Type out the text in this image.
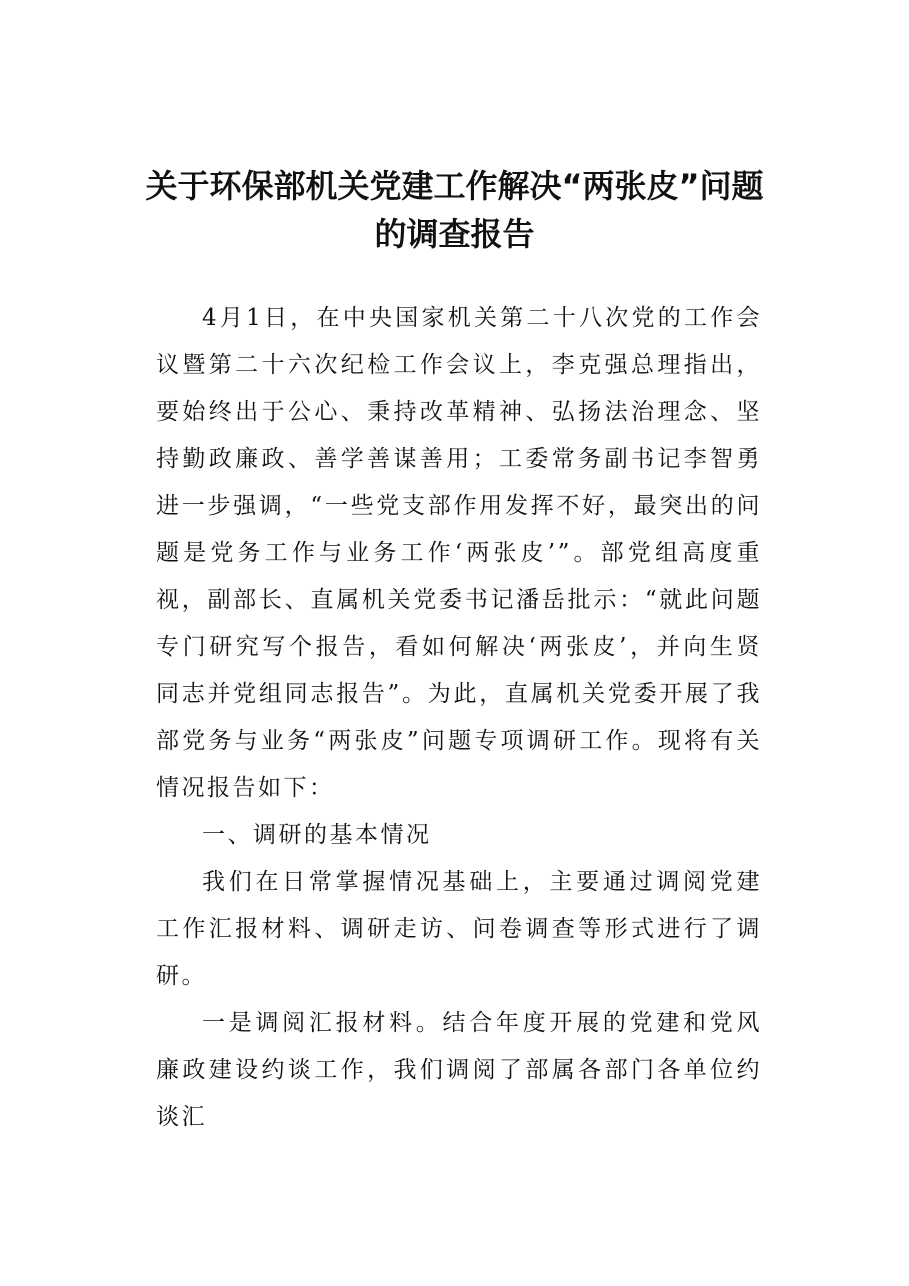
关于环保部机关党建工作解决“两张皮”问题
的调查报告

4月1日，在中央国家机关第二十八次党的工作会议暨第二十六次纪检工作会议上，李克强总理指出，要始终出于公心、秉持改革精神、弘扬法治理念、坚持勤政廉政、善学善谋善用；工委常务副书记李智勇进一步强调，“一些党支部作用发挥不好，最突出的问题是党务工作与业务工作‘两张皮’”。部党组高度重视，副部长、直属机关党委书记潘岳批示：“就此问题专门研究写个报告，看如何解决‘两张皮’，并向生贤同志并党组同志报告”。为此，直属机关党委开展了我部党务与业务“两张皮”问题专项调研工作。现将有关情况报告如下：

一、调研的基本情况

我们在日常掌握情况基础上，主要通过调阅党建工作汇报材料、调研走访、问卷调查等形式进行了调研。

一是调阅汇报材料。结合年度开展的党建和党风廉政建设约谈工作，我们调阅了部属各部门各单位约谈汇
